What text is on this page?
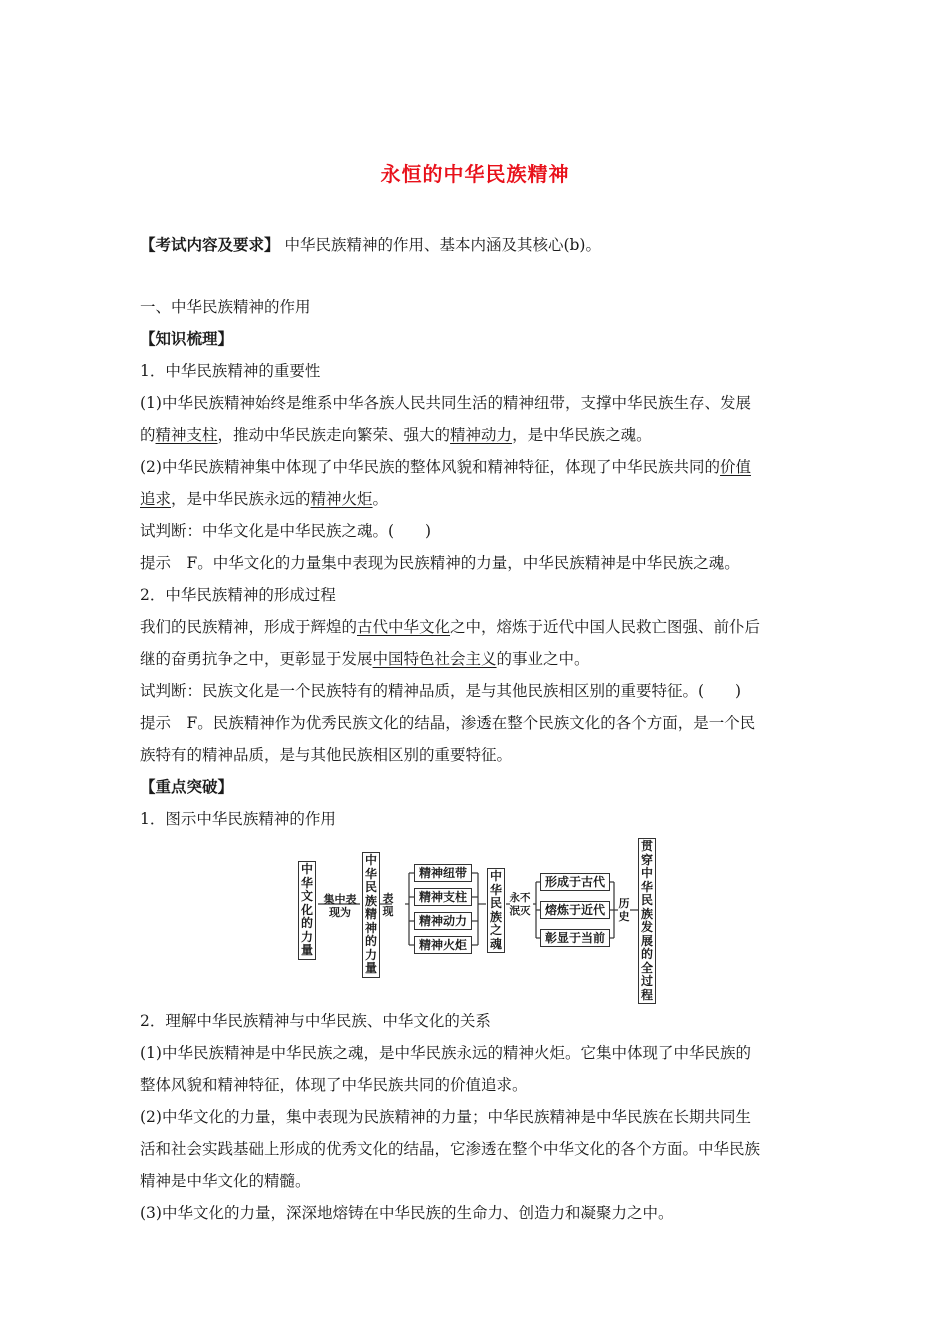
永恒的中华民族精神
【考试内容及要求】 中华民族精神的作用、基本内涵及其核心(b)。
一、中华民族精神的作用
【知识梳理】
1．中华民族精神的重要性
(1)中华民族精神始终是维系中华各族人民共同生活的精神纽带，支撑中华民族生存、发展
的精神支柱，推动中华民族走向繁荣、强大的精神动力，是中华民族之魂。
(2)中华民族精神集中体现了中华民族的整体风貌和精神特征，体现了中华民族共同的价值
追求，是中华民族永远的精神火炬。
试判断：中华文化是中华民族之魂。(　　)
提示　F。中华文化的力量集中表现为民族精神的力量，中华民族精神是中华民族之魂。
2．中华民族精神的形成过程
我们的民族精神，形成于辉煌的古代中华文化之中，熔炼于近代中国人民救亡图强、前仆后
继的奋勇抗争之中，更彰显于发展中国特色社会主义的事业之中。
试判断：民族文化是一个民族特有的精神品质，是与其他民族相区别的重要特征。(　　)
提示　F。民族精神作为优秀民族文化的结晶，渗透在整个民族文化的各个方面，是一个民
族特有的精神品质，是与其他民族相区别的重要特征。
【重点突破】
1．图示中华民族精神的作用
中华文化的力量
集中表现为
中华民族精神的力量
表现
精神纽带
精神支柱
精神动力
精神火炬
中华民族之魂
永不泯灭
形成于古代
熔炼于近代
彰显于当前
历史
贯穿中华民族发展的全过程
2．理解中华民族精神与中华民族、中华文化的关系
(1)中华民族精神是中华民族之魂，是中华民族永远的精神火炬。它集中体现了中华民族的
整体风貌和精神特征，体现了中华民族共同的价值追求。
(2)中华文化的力量，集中表现为民族精神的力量；中华民族精神是中华民族在长期共同生
活和社会实践基础上形成的优秀文化的结晶，它渗透在整个中华文化的各个方面。中华民族
精神是中华文化的精髓。
(3)中华文化的力量，深深地熔铸在中华民族的生命力、创造力和凝聚力之中。
